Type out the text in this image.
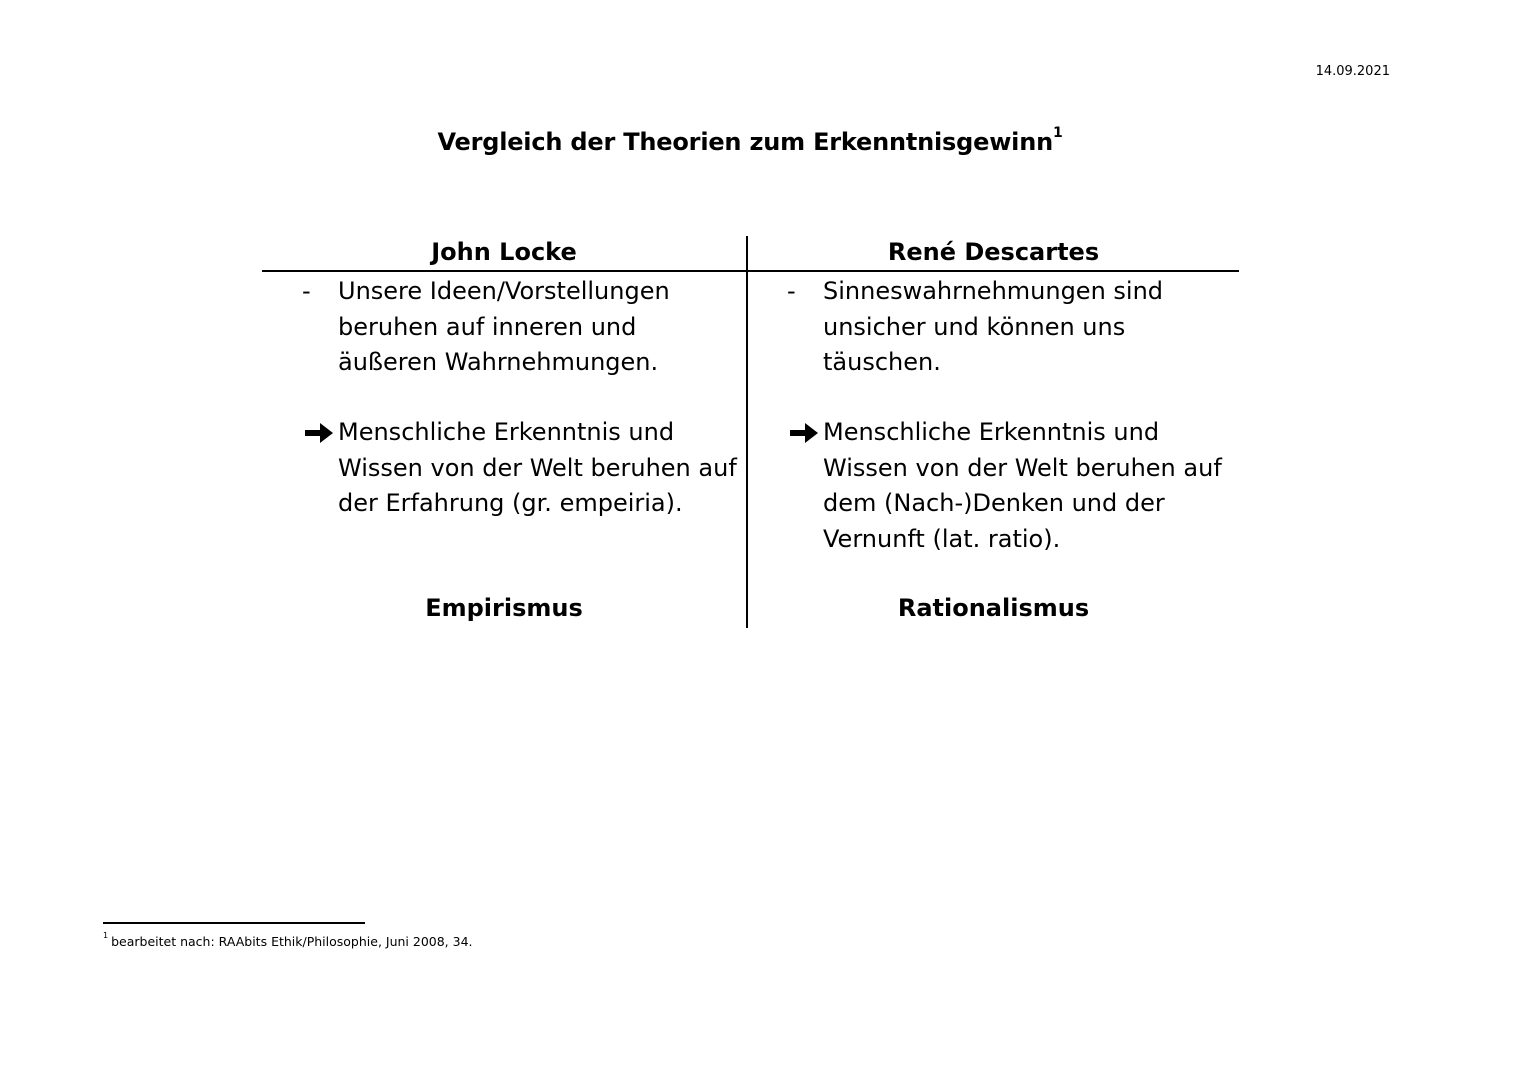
14.09.2021
Vergleich der Theorien zum Erkenntnisgewinn$^1$
John Locke	René Descartes
- Unsere Ideen/Vorstellungen beruhen auf inneren und äußeren Wahrnehmungen.
Menschliche Erkenntnis und Wissen von der Welt beruhen auf der Erfahrung (gr. empeiria).
- Sinneswahrnehmungen sind unsicher und können uns täuschen.
Menschliche Erkenntnis und Wissen von der Welt beruhen auf dem (Nach-)Denken und der Vernunft (lat. ratio).
Empirismus	Rationalismus
$^1$ bearbeitet nach: RAAbits Ethik/Philosophie, Juni 2008, 34.
